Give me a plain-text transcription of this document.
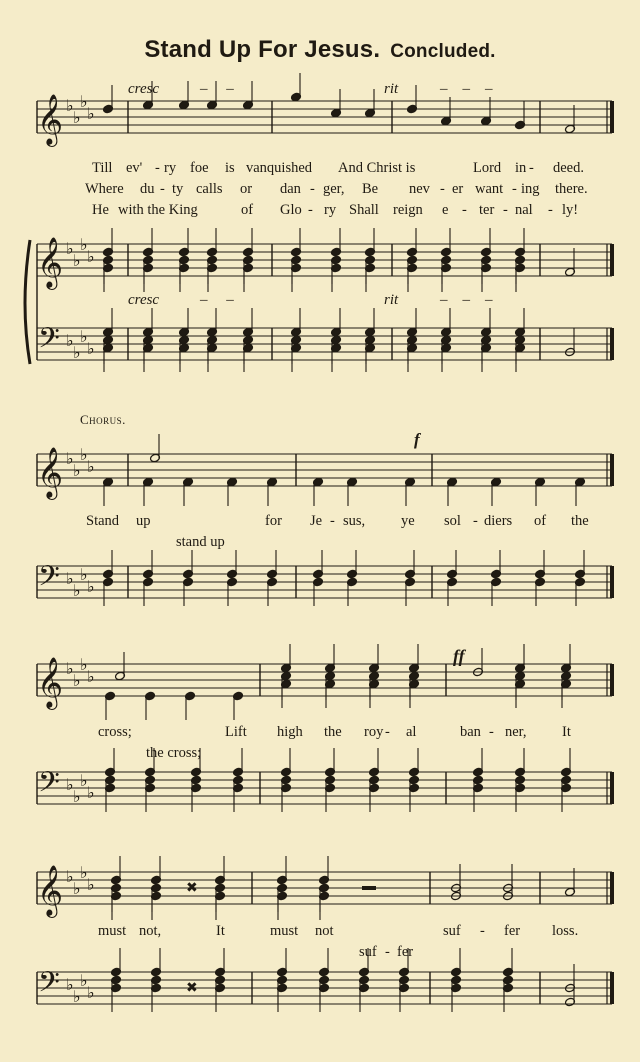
Stand Up For Jesus. Concluded.
cresc	–     –	rit	–    –    –
cresc	–     –	rit	–    –    –
Till ev' - ry foe is vanquished And Christ is	Lord in - deed.
Where du - ty calls or dan - ger, Be nev - er want - ing there.
He with the King	of Glo - ry Shall reign e - ter - nal - ly!
Chorus.
f
Stand up	for Je - sus, ye sol - diers of the
stand up
ff
cross;	Lift high the roy - al	ban - ner, It
the cross;
must not,	It	must not	suf - fer loss.
suf - fer
𝄞 ♭
♭
♭
♭
𝄞 ♭
♭
♭
♭
𝄢 ♭
♭
♭
♭
𝄞 ♭
♭
♭
♭
𝄢 ♭
♭
♭
♭
𝄞 ♭
♭
♭
♭
𝄢 ♭
♭
♭
♭
𝄞 ♭
♭
♭
♭
𝄢 ♭
♭
♭
♭
✖
✖
